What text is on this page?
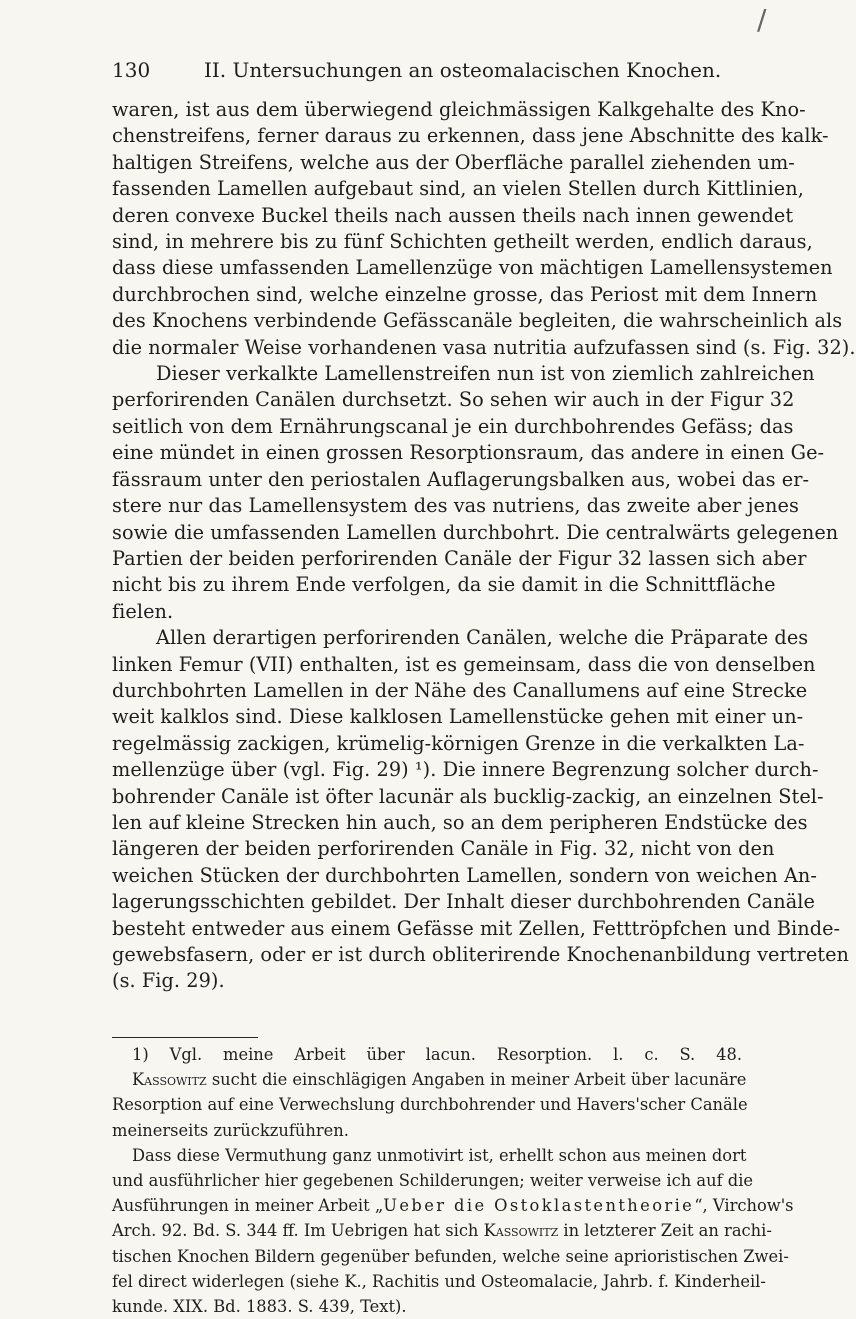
/
130	II. Untersuchungen an osteomalacischen Knochen.
waren, ist aus dem überwiegend gleichmässigen Kalkgehalte des Kno-
chenstreifens, ferner daraus zu erkennen, dass jene Abschnitte des kalk-
haltigen Streifens, welche aus der Oberfläche parallel ziehenden um-
fassenden Lamellen aufgebaut sind, an vielen Stellen durch Kittlinien,
deren convexe Buckel theils nach aussen theils nach innen gewendet
sind, in mehrere bis zu fünf Schichten getheilt werden, endlich daraus,
dass diese umfassenden Lamellenzüge von mächtigen Lamellensystemen
durchbrochen sind, welche einzelne grosse, das Periost mit dem Innern
des Knochens verbindende Gefässcanäle begleiten, die wahrscheinlich als
die normaler Weise vorhandenen vasa nutritia aufzufassen sind (s. Fig. 32).
Dieser verkalkte Lamellenstreifen nun ist von ziemlich zahlreichen
perforirenden Canälen durchsetzt. So sehen wir auch in der Figur 32
seitlich von dem Ernährungscanal je ein durchbohrendes Gefäss; das
eine mündet in einen grossen Resorptionsraum, das andere in einen Ge-
fässraum unter den periostalen Auflagerungsbalken aus, wobei das er-
stere nur das Lamellensystem des vas nutriens, das zweite aber jenes
sowie die umfassenden Lamellen durchbohrt. Die centralwärts gelegenen
Partien der beiden perforirenden Canäle der Figur 32 lassen sich aber
nicht bis zu ihrem Ende verfolgen, da sie damit in die Schnittfläche
fielen.
Allen derartigen perforirenden Canälen, welche die Präparate des
linken Femur (VII) enthalten, ist es gemeinsam, dass die von denselben
durchbohrten Lamellen in der Nähe des Canallumens auf eine Strecke
weit kalklos sind. Diese kalklosen Lamellenstücke gehen mit einer un-
regelmässig zackigen, krümelig-körnigen Grenze in die verkalkten La-
mellenzüge über (vgl. Fig. 29) ¹). Die innere Begrenzung solcher durch-
bohrender Canäle ist öfter lacunär als bucklig-zackig, an einzelnen Stel-
len auf kleine Strecken hin auch, so an dem peripheren Endstücke des
längeren der beiden perforirenden Canäle in Fig. 32, nicht von den
weichen Stücken der durchbohrten Lamellen, sondern von weichen An-
lagerungsschichten gebildet. Der Inhalt dieser durchbohrenden Canäle
besteht entweder aus einem Gefässe mit Zellen, Fetttröpfchen und Binde-
gewebsfasern, oder er ist durch obliterirende Knochenanbildung vertreten
(s. Fig. 29).
1) Vgl. meine Arbeit über lacun. Resorption. l. c. S. 48.
Kassowitz sucht die einschlägigen Angaben in meiner Arbeit über lacunäre
Resorption auf eine Verwechslung durchbohrender und Havers'scher Canäle
meinerseits zurückzuführen.
Dass diese Vermuthung ganz unmotivirt ist, erhellt schon aus meinen dort
und ausführlicher hier gegebenen Schilderungen; weiter verweise ich auf die
Ausführungen in meiner Arbeit „Ueber die Ostoklastentheorie“, Virchow's
Arch. 92. Bd. S. 344 ff. Im Uebrigen hat sich Kassowitz in letzterer Zeit an rachi-
tischen Knochen Bildern gegenüber befunden, welche seine aprioristischen Zwei-
fel direct widerlegen (siehe K., Rachitis und Osteomalacie, Jahrb. f. Kinderheil-
kunde. XIX. Bd. 1883. S. 439, Text).
